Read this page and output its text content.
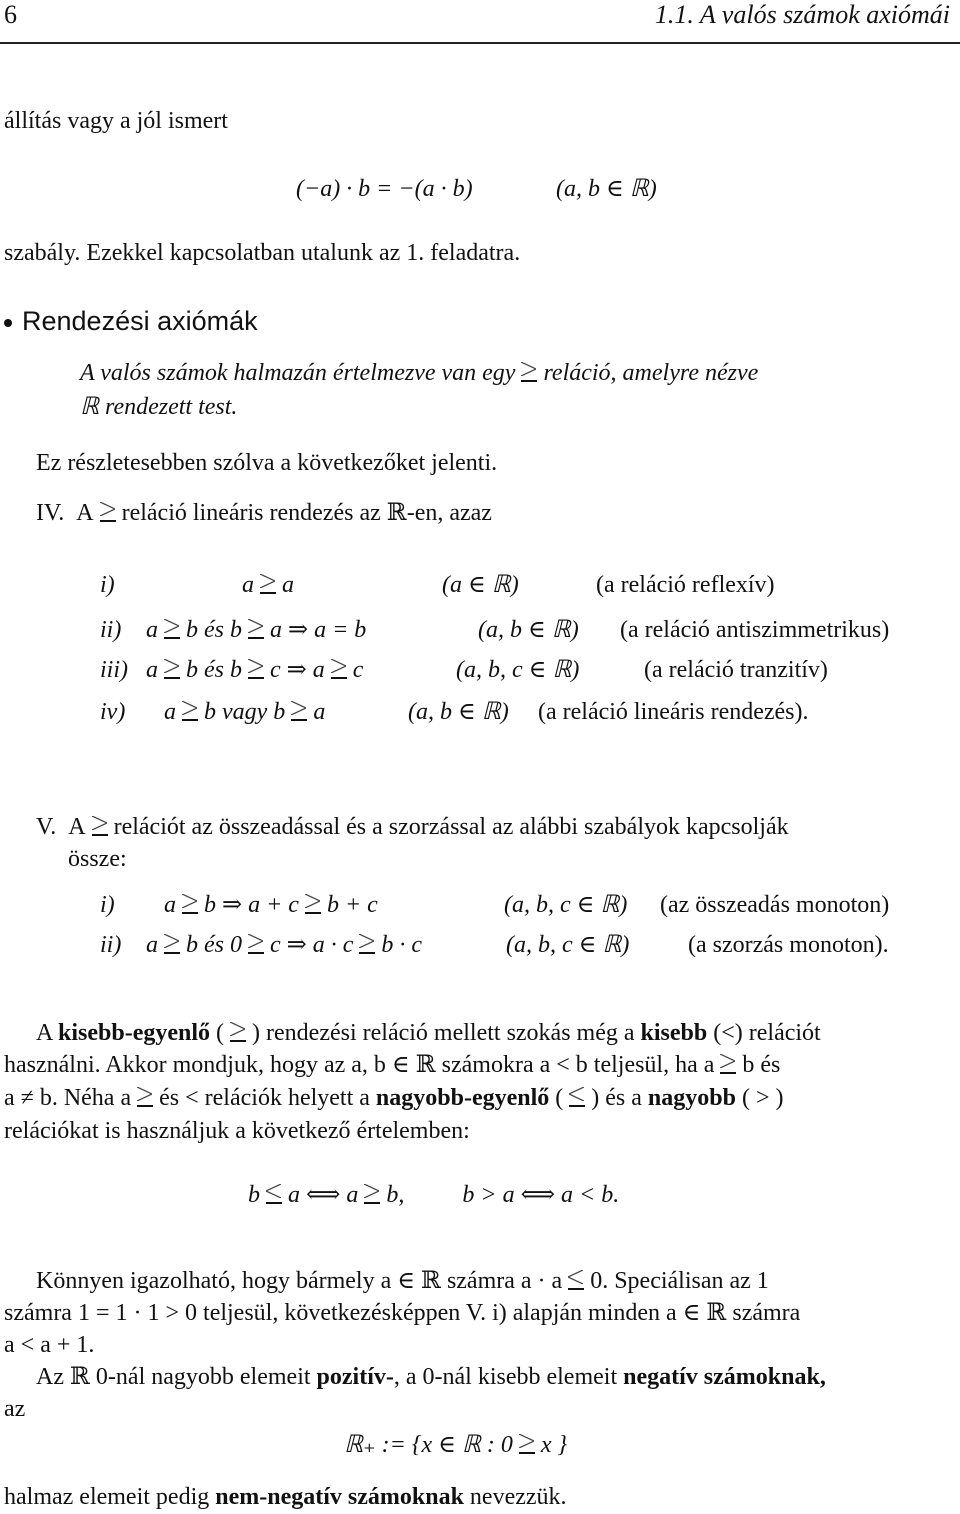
6	1.1. A valós számok axiómái
állítás vagy a jól ismert
(−a) · b = −(a · b)	(a, b ∈ ℝ)
szabály. Ezekkel kapcsolatban utalunk az 1. feladatra.
Rendezési axiómák
A valós számok halmazán értelmezve van egy reláció, amelyre nézve
ℝ rendezett test.
Ez részletesebben szólva a következőket jelenti.
IV. A reláció lineáris rendezés az ℝ-en, azaz
i)	a a	(a ∈ ℝ)	(a reláció reflexív)
ii) a b és b a ⇒ a = b	(a, b ∈ ℝ) (a reláció antiszimmetrikus)
iii) a b és b c ⇒ a c	(a, b, c ∈ ℝ)	(a reláció tranzitív)
iv) a b vagy b a	(a, b ∈ ℝ) (a reláció lineáris rendezés).
V. A relációt az összeadással és a szorzással az alábbi szabályok kapcsolják
össze:
i) a b ⇒ a + c b + c	(a, b, c ∈ ℝ) (az összeadás monoton)
ii) a b és 0 c ⇒ a · c b · c	(a, b, c ∈ ℝ) (a szorzás monoton).
A kisebb-egyenlő ( ) rendezési reláció mellett szokás még a kisebb (<) relációt
használni. Akkor mondjuk, hogy az a, b ∈ ℝ számokra a < b teljesül, ha a b és
a ≠ b. Néha a és < relációk helyett a nagyobb-egyenlő ( ) és a nagyobb ( > )
relációkat is használjuk a következő értelemben:
b a ⟺ a b, b > a ⟺ a < b.
Könnyen igazolható, hogy bármely a ∈ ℝ számra a · a 0. Speciálisan az 1
számra 1 = 1 · 1 > 0 teljesül, következésképpen V. i) alapján minden a ∈ ℝ számra
a < a + 1.
Az ℝ 0-nál nagyobb elemeit pozitív-, a 0-nál kisebb elemeit negatív számoknak,
az
ℝ₊ := {x ∈ ℝ : 0 x }
halmaz elemeit pedig nem-negatív számoknak nevezzük.
